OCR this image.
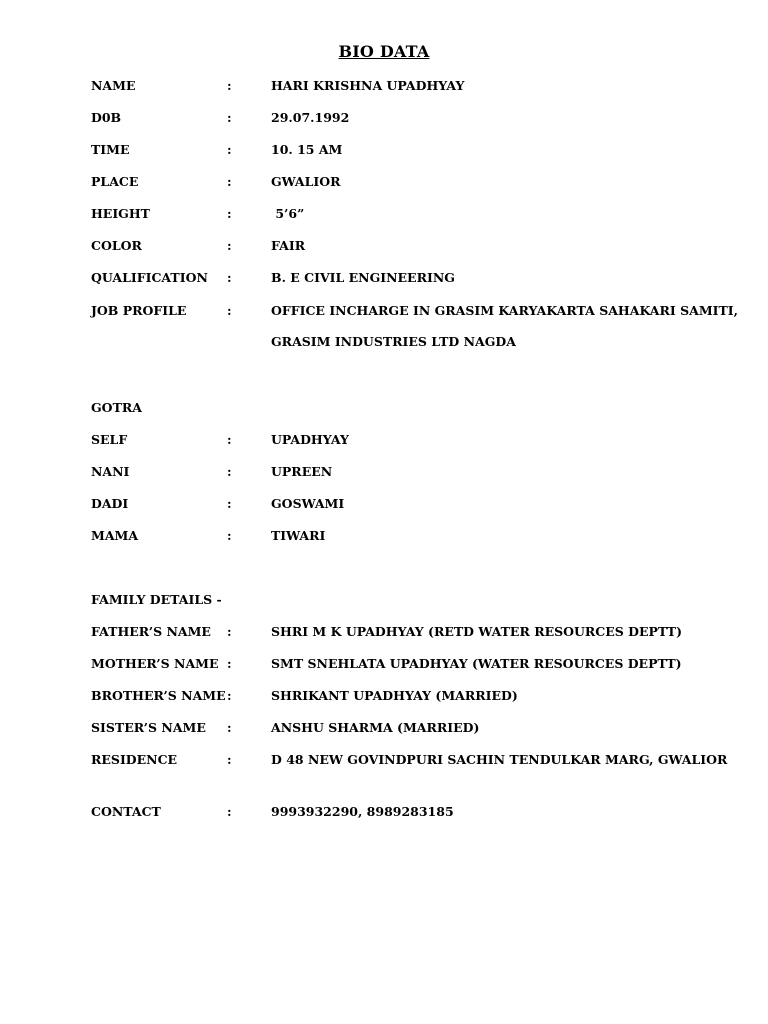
BIO DATA
NAME	:	HARI KRISHNA UPADHYAY
D0B	:	29.07.1992
TIME	:	10. 15 AM
PLACE	:	GWALIOR
HEIGHT	:	5’6”
COLOR	:	FAIR
QUALIFICATION :	B. E CIVIL ENGINEERING
JOB PROFILE	:	OFFICE INCHARGE IN GRASIM KARYAKARTA SAHAKARI SAMITI,
GRASIM INDUSTRIES LTD NAGDA
GOTRA
SELF	:	UPADHYAY
NANI	:	UPREEN
DADI	:	GOSWAMI
MAMA	:	TIWARI
FAMILY DETAILS -
FATHER’S NAME :	SHRI M K UPADHYAY (RETD WATER RESOURCES DEPTT)
MOTHER’S NAME :	SMT SNEHLATA UPADHYAY (WATER RESOURCES DEPTT)
BROTHER’S NAME :	SHRIKANT UPADHYAY (MARRIED)
SISTER’S NAME :	ANSHU SHARMA (MARRIED)
RESIDENCE	:	D 48 NEW GOVINDPURI SACHIN TENDULKAR MARG, GWALIOR
CONTACT	:	9993932290, 8989283185
